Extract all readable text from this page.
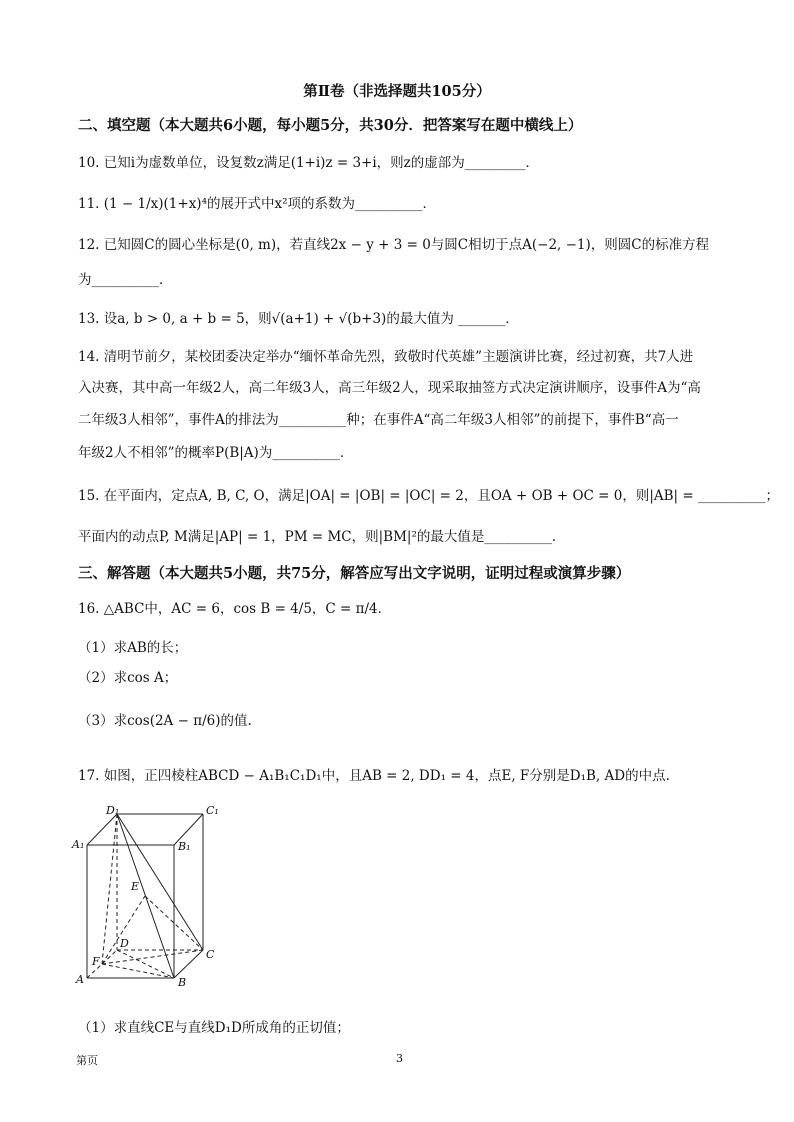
第Ⅱ卷（非选择题共105分）
二、填空题（本大题共6小题，每小题5分，共30分．把答案写在题中横线上）
10. 已知i为虚数单位，设复数z满足(1+i)z = 3+i，则z的虚部为_________．
11. (1 − 1/x)(1+x)⁴的展开式中x²项的系数为__________．
12. 已知圆C的圆心坐标是(0, m)，若直线2x − y + 3 = 0与圆C相切于点A(−2, −1)，则圆C的标准方程
为__________．
13. 设a, b > 0, a + b = 5，则√(a+1) + √(b+3)的最大值为 _______．
14. 清明节前夕，某校团委决定举办“缅怀革命先烈，致敬时代英雄”主题演讲比赛，经过初赛，共7人进
入决赛，其中高一年级2人，高二年级3人，高三年级2人，现采取抽签方式决定演讲顺序，设事件A为“高
二年级3人相邻”，事件A的排法为__________种；在事件A“高二年级3人相邻”的前提下，事件B“高一
年级2人不相邻”的概率P(B|A)为__________．
15. 在平面内，定点A, B, C, O，满足|OA| = |OB| = |OC| = 2，且OA + OB + OC = 0，则|AB| = __________；
平面内的动点P, M满足|AP| = 1，PM = MC，则|BM|²的最大值是__________．
三、解答题（本大题共5小题，共75分，解答应写出文字说明，证明过程或演算步骤）
16. △ABC中，AC = 6，cos B = 4/5，C = π/4．
（1）求AB的长；
（2）求cos A；
（3）求cos(2A − π/6)的值.
17. 如图，正四棱柱ABCD − A₁B₁C₁D₁中，且AB = 2, DD₁ = 4，点E, F分别是D₁B, AD的中点.
D₁	C₁
A₁	B₁
E
D
F
C
A	B
（1）求直线CE与直线D₁D所成角的正切值；
第页	3
